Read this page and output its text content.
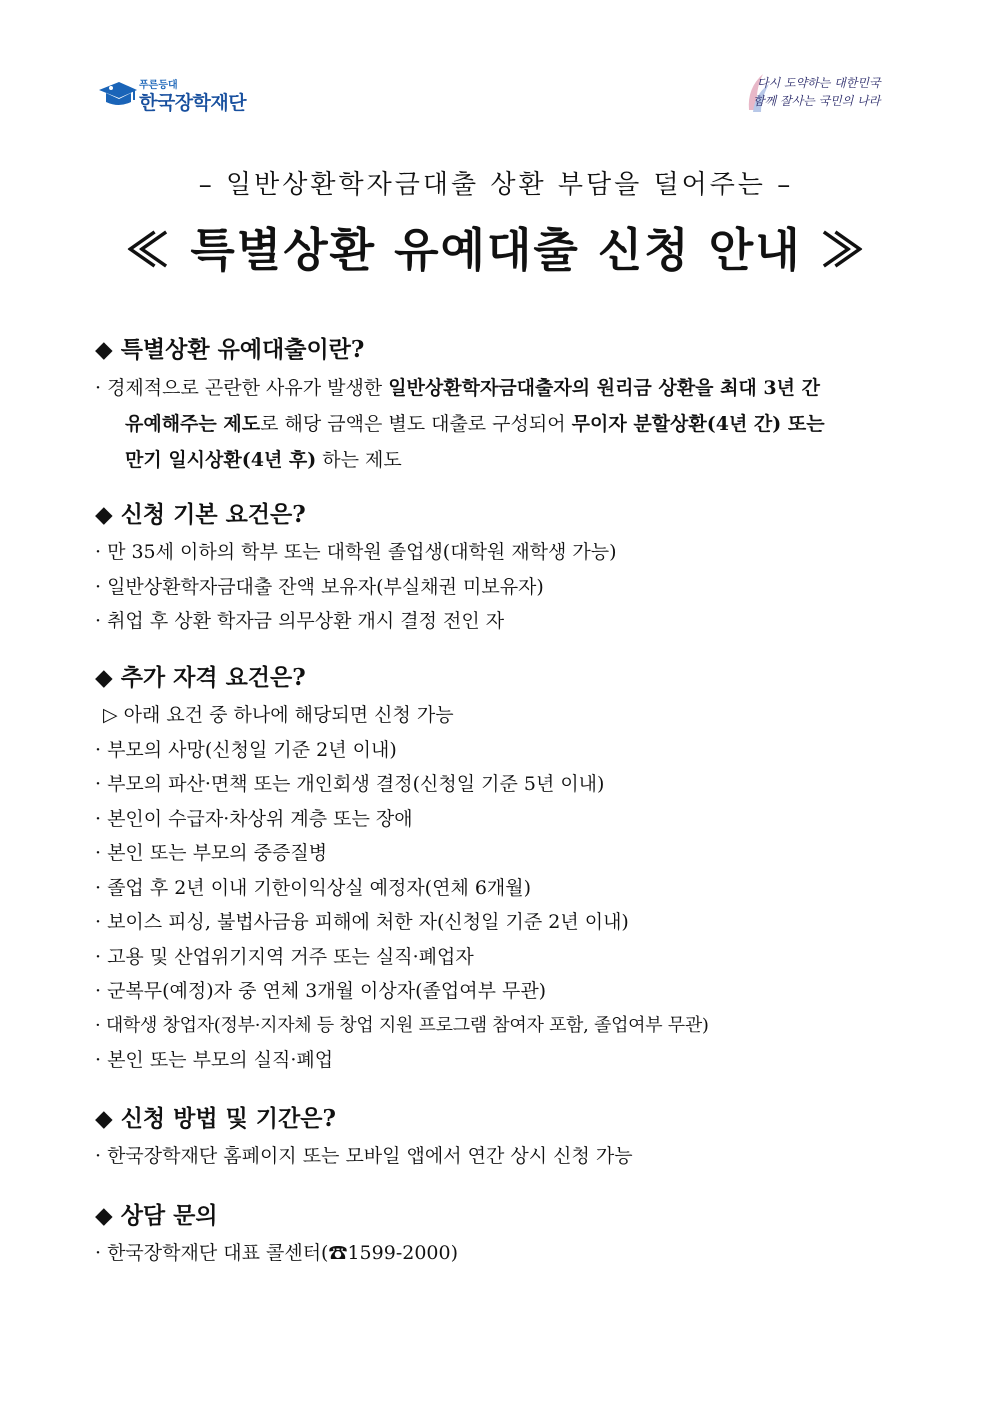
푸른등대
한국장학재단
다시 도약하는 대한민국
함께 잘사는 국민의 나라
– 일반상환학자금대출 상환 부담을 덜어주는 –
≪ 특별상환 유예대출 신청 안내 ≫
◆ 특별상환 유예대출이란?
· 경제적으로 곤란한 사유가 발생한 일반상환학자금대출자의 원리금 상환을 최대 3년 간
유예해주는 제도로 해당 금액은 별도 대출로 구성되어 무이자 분할상환(4년 간) 또는
만기 일시상환(4년 후) 하는 제도
◆ 신청 기본 요건은?
· 만 35세 이하의 학부 또는 대학원 졸업생(대학원 재학생 가능)
· 일반상환학자금대출 잔액 보유자(부실채권 미보유자)
· 취업 후 상환 학자금 의무상환 개시 결정 전인 자
◆ 추가 자격 요건은?
▷ 아래 요건 중 하나에 해당되면 신청 가능
· 부모의 사망(신청일 기준 2년 이내)
· 부모의 파산·면책 또는 개인회생 결정(신청일 기준 5년 이내)
· 본인이 수급자·차상위 계층 또는 장애
· 본인 또는 부모의 중증질병
· 졸업 후 2년 이내 기한이익상실 예정자(연체 6개월)
· 보이스 피싱, 불법사금융 피해에 처한 자(신청일 기준 2년 이내)
· 고용 및 산업위기지역 거주 또는 실직·폐업자
· 군복무(예정)자 중 연체 3개월 이상자(졸업여부 무관)
· 대학생 창업자(정부·지자체 등 창업 지원 프로그램 참여자 포함, 졸업여부 무관)
· 본인 또는 부모의 실직·폐업
◆ 신청 방법 및 기간은?
· 한국장학재단 홈페이지 또는 모바일 앱에서 연간 상시 신청 가능
◆ 상담 문의
· 한국장학재단 대표 콜센터(☎1599-2000)
